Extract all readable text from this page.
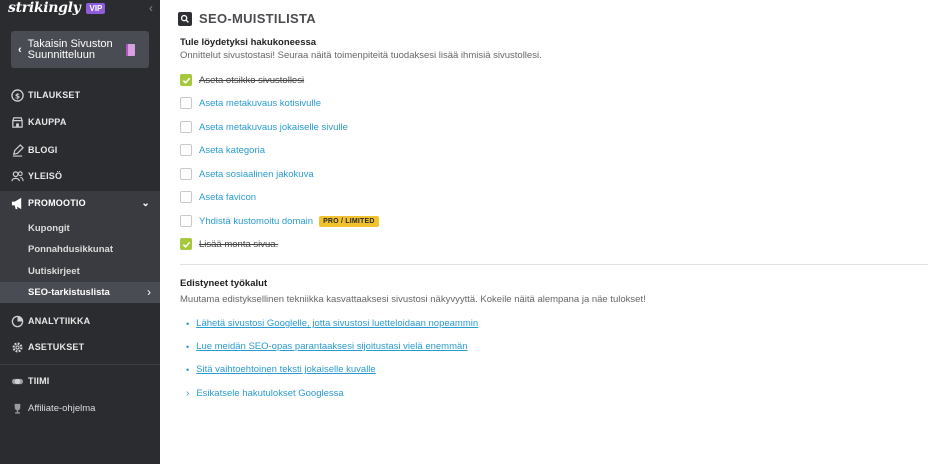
strikingly	VIP	‹
‹ Takaisin Sivuston Suunnitteluun
$ TILAUKSET
KAUPPA
BLOGI
YLEISÖ
PROMOOTIO	⌄
Kupongit
Ponnahdusikkunat
Uutiskirjeet
SEO-tarkistuslista	›
ANALYTIIKKA
ASETUKSET
TIIMI
Affiliate-ohjelma
SEO-MUISTILISTA
Tule löydetyksi hakukoneessa
Onnittelut sivustostasi! Seuraa näitä toimenpiteitä tuodaksesi lisää ihmisiä sivustollesi.
Aseta otsikko sivustollesi
Aseta metakuvaus kotisivulle
Aseta metakuvaus jokaiselle sivulle
Aseta kategoria
Aseta sosiaalinen jakokuva
Aseta favicon
Yhdistä kustomoitu domain	PRO / LIMITED
Lisää monta sivua.
Edistyneet työkalut
Muutama edistyksellinen tekniikka kasvattaaksesi sivustosi näkyvyyttä. Kokeile näitä alempana ja näe tulokset!
• Lähetä sivustosi Googlelle, jotta sivustosi luetteloidaan nopeammin
• Lue meidän SEO-opas parantaaksesi sijoitustasi vielä enemmän
• Sitä vaihtoehtoinen teksti jokaiselle kuvalle
› Esikatsele hakutulokset Googlessa
